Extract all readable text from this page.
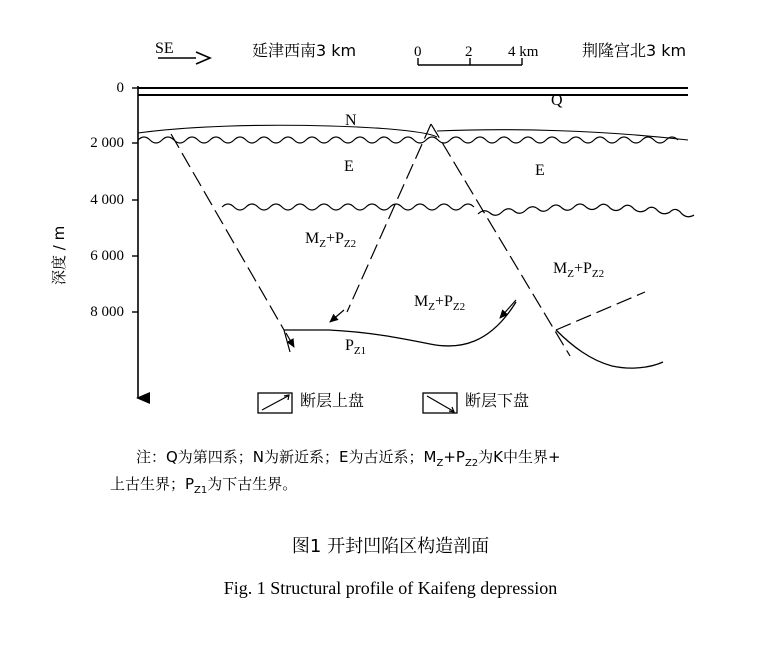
SE	延津西南3 km	荆隆宫北3 km
0	2 4 km
深度 / m
0
2 000
4 000
6 000
8 000
Q
N
E	E
$M_Z+P_{Z2}$
$M_Z+P_{Z2}$
$M_Z+P_{Z2}$
$P_{Z1}$
断层上盘	断层下盘
注：Q为第四系；N为新近系；E为古近系；$M_Z+P_{Z2}$为K中生界+
上古生界；$P_{Z1}$为下古生界。
图1 开封凹陷区构造剖面
Fig. 1 Structural profile of Kaifeng depression
